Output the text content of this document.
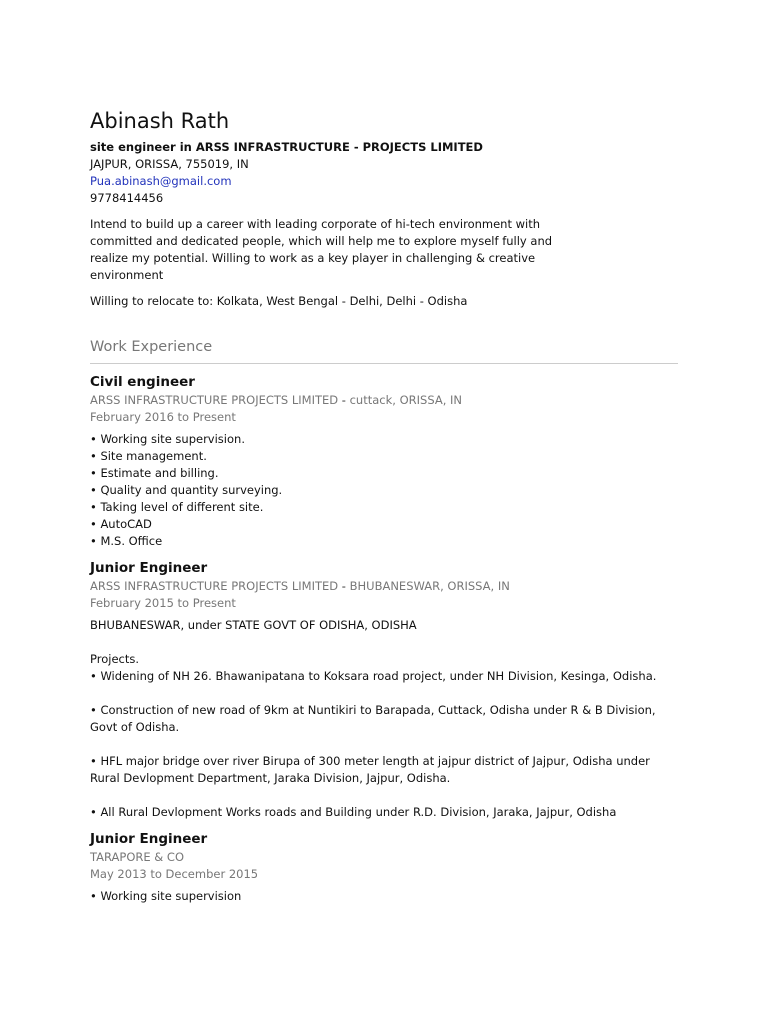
Abinash Rath
site engineer in ARSS INFRASTRUCTURE - PROJECTS LIMITED
JAJPUR, ORISSA, 755019, IN
Pua.abinash@gmail.com
9778414456
Intend to build up a career with leading corporate of hi-tech environment with committed and dedicated people, which will help me to explore myself fully and realize my potential. Willing to work as a key player in challenging & creative environment
Willing to relocate to: Kolkata, West Bengal - Delhi, Delhi - Odisha
Work Experience
Civil engineer
ARSS INFRASTRUCTURE PROJECTS LIMITED - cuttack, ORISSA, IN
February 2016 to Present
• Working site supervision.
• Site management.
• Estimate and billing.
• Quality and quantity surveying.
• Taking level of different site.
• AutoCAD
• M.S. Office
Junior Engineer
ARSS INFRASTRUCTURE PROJECTS LIMITED - BHUBANESWAR, ORISSA, IN
February 2015 to Present
BHUBANESWAR, under STATE GOVT OF ODISHA, ODISHA

Projects.
• Widening of NH 26. Bhawanipatana to Koksara road project, under NH Division, Kesinga, Odisha.

• Construction of new road of 9km at Nuntikiri to Barapada, Cuttack, Odisha under R & B Division, Govt of Odisha.

• HFL major bridge over river Birupa of 300 meter length at jajpur district of Jajpur, Odisha under Rural Devlopment Department, Jaraka Division, Jajpur, Odisha.

• All Rural Devlopment Works roads and Building under R.D. Division, Jaraka, Jajpur, Odisha
Junior Engineer
TARAPORE & CO
May 2013 to December 2015
• Working site supervision
